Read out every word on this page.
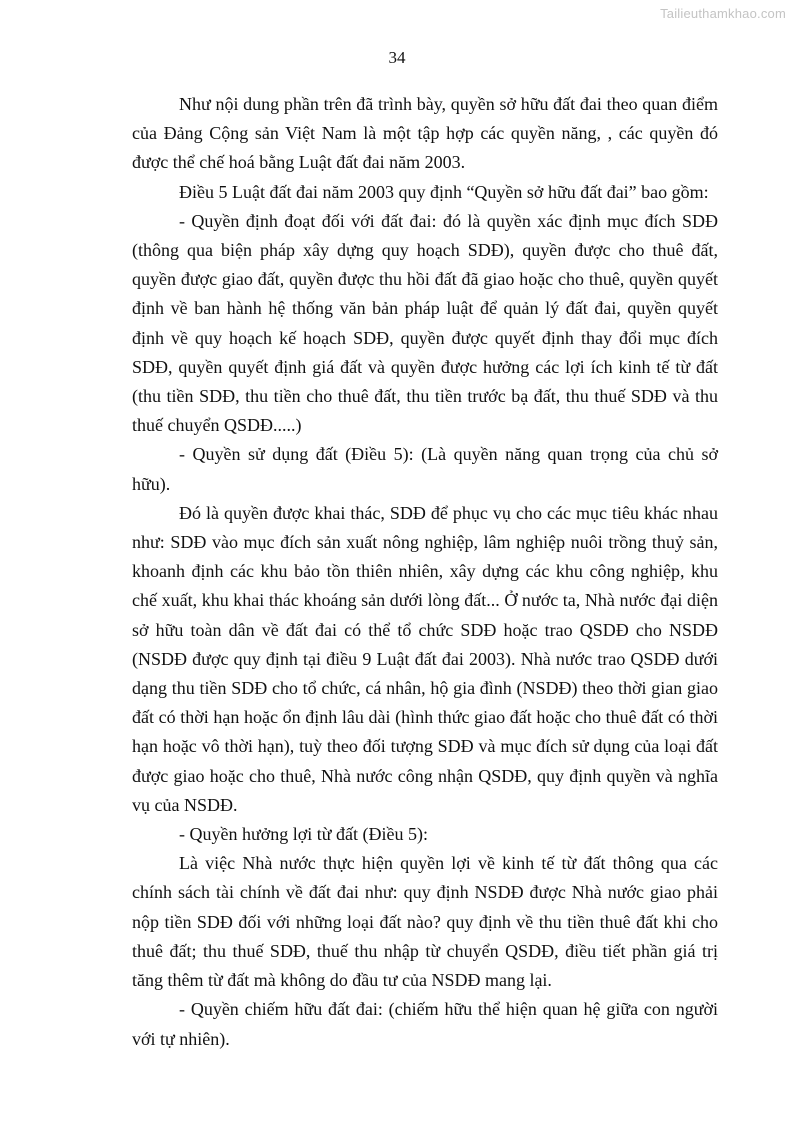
Tailieuthamkhao.com
34

Như nội dung phần trên đã trình bày, quyền sở hữu đất đai theo quan điểm của Đảng Cộng sản Việt Nam là một tập hợp các quyền năng, , các quyền đó được thể chế hoá bằng Luật đất đai năm 2003.

Điều 5 Luật đất đai năm 2003 quy định “Quyền sở hữu đất đai” bao gồm:

- Quyền định đoạt đối với đất đai: đó là quyền xác định mục đích SDĐ (thông qua biện pháp xây dựng quy hoạch SDĐ), quyền được cho thuê đất, quyền được giao đất, quyền được thu hồi đất đã giao hoặc cho thuê, quyền quyết định về ban hành hệ thống văn bản pháp luật để quản lý đất đai, quyền quyết định về quy hoạch kế hoạch SDĐ, quyền được quyết định thay đổi mục đích SDĐ, quyền quyết định giá đất và quyền được hưởng các lợi ích kinh tế từ đất (thu tiền SDĐ, thu tiền cho thuê đất, thu tiền trước bạ đất, thu thuế SDĐ và thu thuế chuyển QSDĐ.....)

- Quyền sử dụng đất (Điều 5): (Là quyền năng quan trọng của chủ sở hữu).

Đó là quyền được khai thác, SDĐ để phục vụ cho các mục tiêu khác nhau như: SDĐ vào mục đích sản xuất nông nghiệp, lâm nghiệp nuôi trồng thuỷ sản, khoanh định các khu bảo tồn thiên nhiên, xây dựng các khu công nghiệp, khu chế xuất, khu khai thác khoáng sản dưới lòng đất... Ở nước ta, Nhà nước đại diện sở hữu toàn dân về đất đai có thể tổ chức SDĐ hoặc trao QSDĐ cho NSDĐ (NSDĐ được quy định tại điều 9 Luật đất đai 2003). Nhà nước trao QSDĐ dưới dạng thu tiền SDĐ cho tổ chức, cá nhân, hộ gia đình (NSDĐ) theo thời gian giao đất có thời hạn hoặc ổn định lâu dài (hình thức giao đất hoặc cho thuê đất có thời hạn hoặc vô thời hạn), tuỳ theo đối tượng SDĐ và mục đích sử dụng của loại đất được giao hoặc cho thuê, Nhà nước công nhận QSDĐ, quy định quyền và nghĩa vụ của NSDĐ.

- Quyền hưởng lợi từ đất (Điều 5):

Là việc Nhà nước thực hiện quyền lợi về kinh tế từ đất thông qua các chính sách tài chính về đất đai như: quy định NSDĐ được Nhà nước giao phải nộp tiền SDĐ đối với những loại đất nào? quy định về thu tiền thuê đất khi cho thuê đất; thu thuế SDĐ, thuế thu nhập từ chuyển QSDĐ, điều tiết phần giá trị tăng thêm từ đất mà không do đầu tư của NSDĐ mang lại.

- Quyền chiếm hữu đất đai: (chiếm hữu thể hiện quan hệ giữa con người với tự nhiên).
